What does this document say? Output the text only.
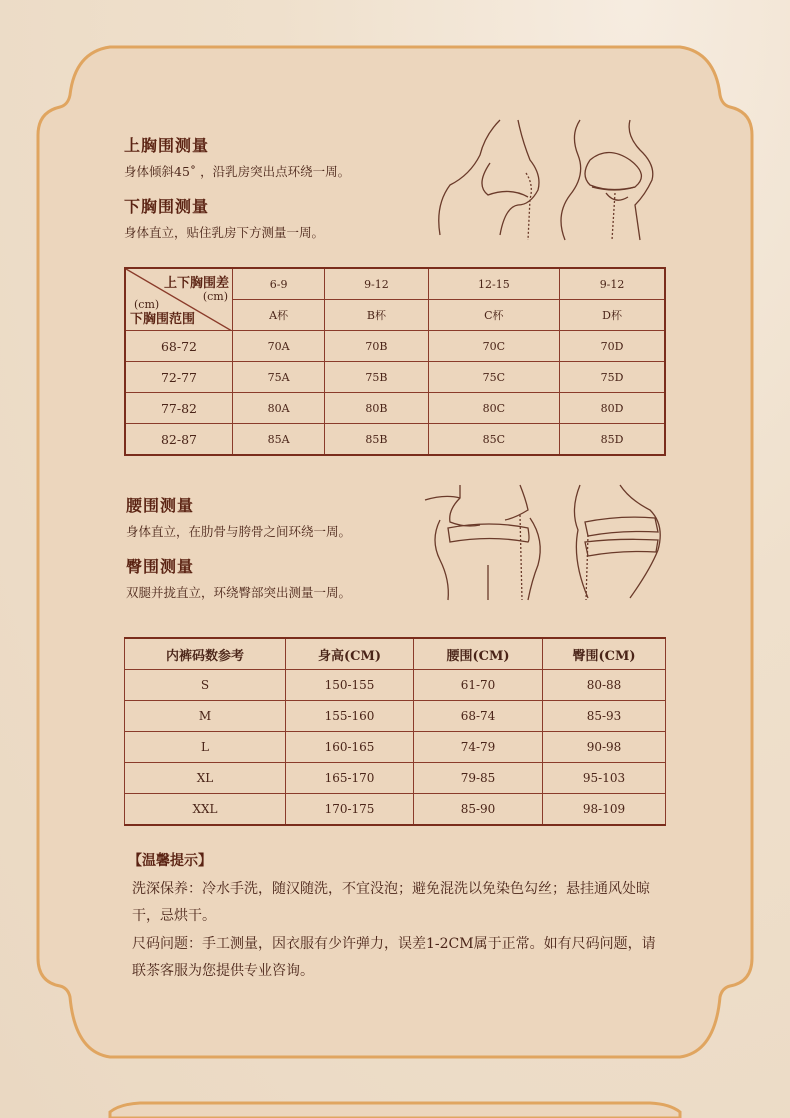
上胸围测量
身体倾斜45˚ ，沿乳房突出点环绕一周。
下胸围测量
身体直立，贴住乳房下方测量一周。
上下胸围差
(cm)
(cm)
下胸围范围	6-9	9-12	12-15	9-12
	A杯	B杯	C杯	D杯
68-72	70A	70B	70C	70D
72-77	75A	75B	75C	75D
77-82	80A	80B	80C	80D
82-87	85A	85B	85C	85D
腰围测量
身体直立，在肋骨与胯骨之间环绕一周。
臀围测量
双腿并拢直立，环绕臀部突出测量一周。
内裤码数参考	身高(CM)	腰围(CM)	臀围(CM)
S	150-155	61-70	80-88
M	155-160	68-74	85-93
L	160-165	74-79	90-98
XL	165-170	79-85	95-103
XXL	170-175	85-90	98-109
【温馨提示】
洗深保养：冷水手洗，随汉随洗，不宜没泡；避免混洗以免染色勾丝；悬挂通风处晾干，忌烘干。
尺码问题：手工测量，因衣服有少许弹力，误差1-2CM属于正常。如有尺码问题，请联茶客服为您提供专业咨询。
